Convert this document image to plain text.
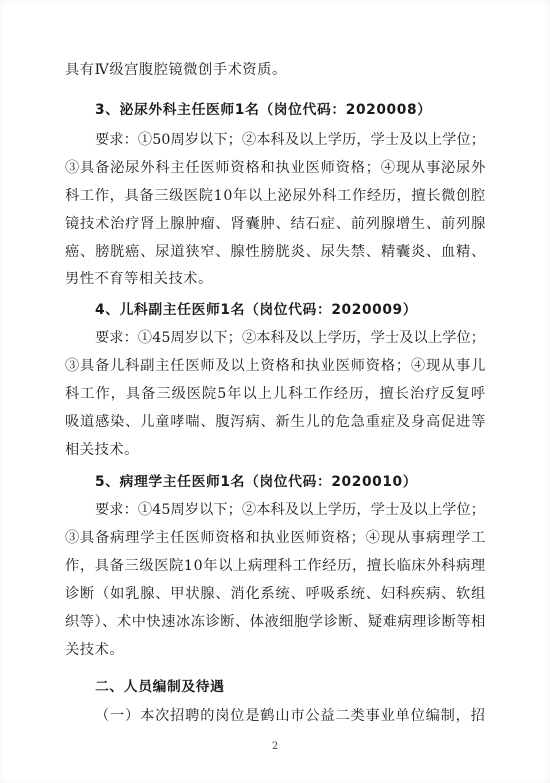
具有Ⅳ级宫腹腔镜微创手术资质。
3、泌尿外科主任医师1名（岗位代码：2020008）
要求：①50周岁以下；②本科及以上学历，学士及以上学位；
③具备泌尿外科主任医师资格和执业医师资格；④现从事泌尿外
科工作，具备三级医院10年以上泌尿外科工作经历，擅长微创腔
镜技术治疗肾上腺肿瘤、肾囊肿、结石症、前列腺增生、前列腺
癌、膀胱癌、尿道狭窄、腺性膀胱炎、尿失禁、精囊炎、血精、
男性不育等相关技术。
4、儿科副主任医师1名（岗位代码：2020009）
要求：①45周岁以下；②本科及以上学历，学士及以上学位；
③具备儿科副主任医师及以上资格和执业医师资格；④现从事儿
科工作，具备三级医院5年以上儿科工作经历，擅长治疗反复呼
吸道感染、儿童哮喘、腹泻病、新生儿的危急重症及身高促进等
相关技术。
5、病理学主任医师1名（岗位代码：2020010）
要求：①45周岁以下；②本科及以上学历，学士及以上学位；
③具备病理学主任医师资格和执业医师资格；④现从事病理学工
作，具备三级医院10年以上病理科工作经历，擅长临床外科病理
诊断（如乳腺、甲状腺、消化系统、呼吸系统、妇科疾病、软组
织等）、术中快速冰冻诊断、体液细胞学诊断、疑难病理诊断等相
关技术。
二、人员编制及待遇
（一）本次招聘的岗位是鹤山市公益二类事业单位编制，招
2
